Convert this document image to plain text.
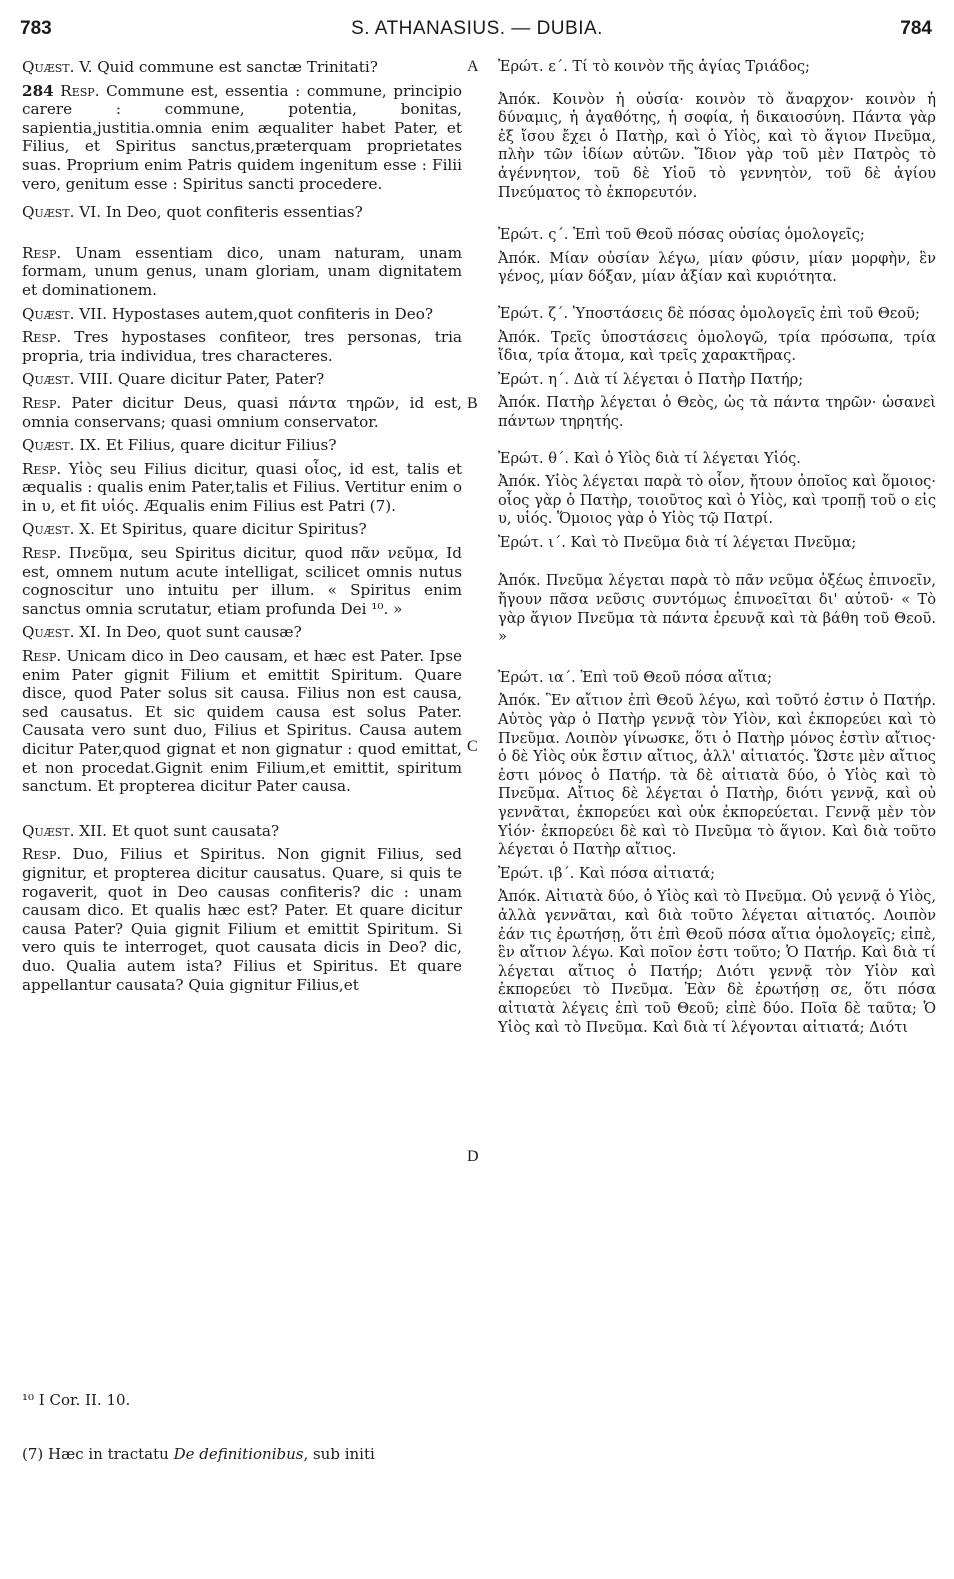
783	S. ATHANASIUS. — DUBIA.	784
A
B
C
D

Quæst. V. Quid commune est sanctæ Trinitati?

284 Resp. Commune est, essentia : commune, principio carere : commune, potentia, bonitas, sapientia,justitia.omnia enim æqualiter habet Pater, et Filius, et Spiritus sanctus,præterquam proprietates suas. Proprium enim Patris quidem ingenitum esse : Filii vero, genitum esse : Spiritus sancti procedere.

Quæst. VI. In Deo, quot confiteris essentias?

Resp. Unam essentiam dico, unam naturam, unam formam, unum genus, unam gloriam, unam dignitatem et dominationem.

Quæst. VII. Hypostases autem,quot confiteris in Deo?

Resp. Tres hypostases confiteor, tres personas, tria propria, tria individua, tres characteres.

Quæst. VIII. Quare dicitur Pater, Pater?

Resp. Pater dicitur Deus, quasi πάντα τηρῶν, id est, omnia conservans; quasi omnium conservator.

Quæst. IX. Et Filius, quare dicitur Filius?

Resp. Υἱὸς seu Filius dicitur, quasi οἷος, id est, talis et æqualis : qualis enim Pater,talis et Filius. Vertitur enim ο in υ, et fit υἱός. Æqualis enim Filius est Patri (7).

Quæst. X. Et Spiritus, quare dicitur Spiritus?

Resp. Πνεῦμα, seu Spiritus dicitur, quod πᾶν νεῦμα, Id est, omnem nutum acute intelligat, scilicet omnis nutus cognoscitur uno intuitu per illum. « Spiritus enim sanctus omnia scrutatur, etiam profunda Dei ¹⁰. »

Quæst. XI. In Deo, quot sunt causæ?

Resp. Unicam dico in Deo causam, et hæc est Pater. Ipse enim Pater gignit Filium et emittit Spiritum. Quare disce, quod Pater solus sit causa. Filius non est causa, sed causatus. Et sic quidem causa est solus Pater. Causata vero sunt duo, Filius et Spiritus. Causa autem dicitur Pater,quod gignat et non gignatur : quod emittat, et non procedat.Gignit enim Filium,et emittit, spiritum sanctum. Et propterea dicitur Pater causa.

Quæst. XII. Et quot sunt causata?

Resp. Duo, Filius et Spiritus. Non gignit Filius, sed gignitur, et propterea dicitur causatus. Quare, si quis te rogaverit, quot in Deo causas confiteris? dic : unam causam dico. Et qualis hæc est? Pater. Et quare dicitur causa Pater? Quia gignit Filium et emittit Spiritum. Si vero quis te interroget, quot causata dicis in Deo? dic, duo. Qualia autem ista? Filius et Spiritus. Et quare appellantur causata? Quia gignitur Filius,et

Ἐρώτ. ε΄. Τί τὸ κοινὸν τῆς ἁγίας Τριάδος;

Ἀπόκ. Κοινὸν ἡ οὐσία· κοινὸν τὸ ἄναρχον· κοινὸν ἡ δύναμις, ἡ ἀγαθότης, ἡ σοφία, ἡ δικαιοσύνη. Πάντα γὰρ ἐξ ἴσου ἔχει ὁ Πατὴρ, καὶ ὁ Υἱὸς, καὶ τὸ ἅγιον Πνεῦμα, πλὴν τῶν ἰδίων αὐτῶν. Ἴδιον γὰρ τοῦ μὲν Πατρὸς τὸ ἀγέννητον, τοῦ δὲ Υἱοῦ τὸ γεννητὸν, τοῦ δὲ ἁγίου Πνεύματος τὸ ἐκπορευτόν.

Ἐρώτ. ς΄. Ἐπὶ τοῦ Θεοῦ πόσας οὐσίας ὁμολογεῖς;

Ἀπόκ. Μίαν οὐσίαν λέγω, μίαν φύσιν, μίαν μορφὴν, ἓν γένος, μίαν δόξαν, μίαν ἀξίαν καὶ κυριότητα.

Ἐρώτ. ζ΄. Ὑποστάσεις δὲ πόσας ὁμολογεῖς ἐπὶ τοῦ Θεοῦ;

Ἀπόκ. Τρεῖς ὑποστάσεις ὁμολογῶ, τρία πρόσωπα, τρία ἴδια, τρία ἄτομα, καὶ τρεῖς χαρακτῆρας.

Ἐρώτ. η΄. Διὰ τί λέγεται ὁ Πατὴρ Πατήρ;

Ἀπόκ. Πατὴρ λέγεται ὁ Θεὸς, ὡς τὰ πάντα τηρῶν· ὡσανεὶ πάντων τηρητής.

Ἐρώτ. θ΄. Καὶ ὁ Υἱὸς διὰ τί λέγεται Υἱός.

Ἀπόκ. Υἱὸς λέγεται παρὰ τὸ οἷον, ἤτουν ὁποῖος καὶ ὅμοιος· οἷος γὰρ ὁ Πατὴρ, τοιοῦτος καὶ ὁ Υἱὸς, καὶ τροπῇ τοῦ ο εἰς υ, υἱός. Ὅμοιος γὰρ ὁ Υἱὸς τῷ Πατρί.

Ἐρώτ. ι΄. Καὶ τὸ Πνεῦμα διὰ τί λέγεται Πνεῦμα;

Ἀπόκ. Πνεῦμα λέγεται παρὰ τὸ πᾶν νεῦμα ὀξέως ἐπινοεῖν, ἤγουν πᾶσα νεῦσις συντόμως ἐπινοεῖται δι' αὐτοῦ· « Τὸ γὰρ ἅγιον Πνεῦμα τὰ πάντα ἐρευνᾷ καὶ τὰ βάθη τοῦ Θεοῦ. »

Ἐρώτ. ια΄. Ἐπὶ τοῦ Θεοῦ πόσα αἴτια;

Ἀπόκ. Ἓν αἴτιον ἐπὶ Θεοῦ λέγω, καὶ τοῦτό ἐστιν ὁ Πατήρ. Αὐτὸς γὰρ ὁ Πατὴρ γεννᾷ τὸν Υἱὸν, καὶ ἐκπορεύει καὶ τὸ Πνεῦμα. Λοιπὸν γίνωσκε, ὅτι ὁ Πατὴρ μόνος ἐστὶν αἴτιος· ὁ δὲ Υἱὸς οὐκ ἔστιν αἴτιος, ἀλλ' αἰτιατός. Ὥστε μὲν αἴτιος ἐστι μόνος ὁ Πατήρ. τὰ δὲ αἰτιατὰ δύο, ὁ Υἱὸς καὶ τὸ Πνεῦμα. Αἴτιος δὲ λέγεται ὁ Πατὴρ, διότι γεννᾷ, καὶ οὐ γεννᾶται, ἐκπορεύει καὶ οὐκ ἐκπορεύεται. Γεννᾷ μὲν τὸν Υἱόν· ἐκπορεύει δὲ καὶ τὸ Πνεῦμα τὸ ἅγιον. Καὶ διὰ τοῦτο λέγεται ὁ Πατὴρ αἴτιος.

Ἐρώτ. ιβ΄. Καὶ πόσα αἰτιατά;

Ἀπόκ. Αἰτιατὰ δύο, ὁ Υἱὸς καὶ τὸ Πνεῦμα. Οὐ γεννᾷ ὁ Υἱὸς, ἀλλὰ γεννᾶται, καὶ διὰ τοῦτο λέγεται αἰτιατός. Λοιπὸν ἐάν τις ἐρωτήσῃ, ὅτι ἐπὶ Θεοῦ πόσα αἴτια ὁμολογεῖς; εἰπὲ, ἓν αἴτιον λέγω. Καὶ ποῖον ἐστι τοῦτο; Ὁ Πατήρ. Καὶ διὰ τί λέγεται αἴτιος ὁ Πατήρ; Διότι γεννᾷ τὸν Υἱὸν καὶ ἐκπορεύει τὸ Πνεῦμα. Ἐὰν δὲ ἐρωτήσῃ σε, ὅτι πόσα αἰτιατὰ λέγεις ἐπὶ τοῦ Θεοῦ; εἰπὲ δύο. Ποῖα δὲ ταῦτα; Ὁ Υἱὸς καὶ τὸ Πνεῦμα. Καὶ διὰ τί λέγονται αἰτιατά; Διότι

¹⁰ I Cor. II. 10.

(7) Hæc in tractatu De definitionibus, sub initi
